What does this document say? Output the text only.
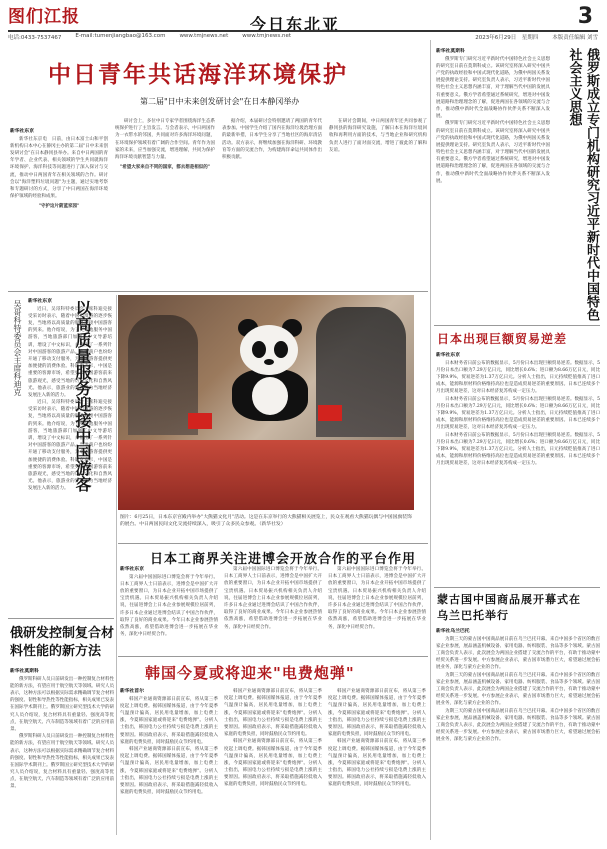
图们江报	今日东北亚	3
电话:0433-7537467	E-mail:tumenjiangbao@163.com	www.tmjnews.net	www.tmjnews.net	2023年6月29日　星期四	本版责任编辑 刘雪
中日青年共话海洋环境保护
第二届"日中未来创发研讨会"在日本静冈举办
新华社东京

新华社东京电　日前，由日本富士山和平创新机构日本中心在静冈主办的第二届"日中未来创发研讨会"在日本静冈县举办。来自中日两国的青年学者、企业代表、相关领域的学生共同就海洋环境保护、海洋科技等问题进行了深入探讨与交流，推动中日两国青年在相关领域的合作。研讨会以"海洋塑料垃圾问题"为主题，通过实地考察和专题研讨的方式，分享了中日两国在海洋环境保护领域的经验和成果。

"守护这片蔚蓝家园"

研讨会上，多位中日专家学者围绕海洋生态系统保护进行了主旨发言。与会者表示，中日两国作为一衣带水的邻国，共同面对许多海洋环境问题，在环境保护领域有着广阔的合作空间。青年作为国家的未来，应当加强交流，增进理解，共同为保护海洋环境贡献智慧与力量。

"希望大家来自不同的国家，都去想是相似的"

据介绍，本届研讨会特别邀请了两国的青年代表参加。中国学生介绍了国内在海洋垃圾治理方面的最新举措，日本学生分享了当地社区的海岸清洁活动。双方表示，将继续加强在海洋科研、环境教育等方面的交流合作，为构建海洋命运共同体作出积极贡献。

在研讨会期间，中日两国青年还共同参观了静冈县的海洋研究设施，了解日本在海洋垃圾回收和再利用方面的技术，与当地企业和研究机构负责人进行了面对面交流，增进了彼此的了解和友谊。

以高质量服务迎接中国游客
吴哥科特委员会主席科迪克 新华社东京

近日，吴哥科特委员会主席科迪克接受采访时表示，随着中国出境游的逐步恢复，当地将以高质量的服务迎接中国游客的到来。他介绍说，为了更好地服务中国游客，当地旅游部门加强了中文导游培训，增设了中文标识，并推出了一系列针对中国游客的旅游产品。当地商户也纷纷开通了移动支付服务，为中国游客提供更加便捷的消费体验。科迪克表示，中国是重要的客源市场，希望更多中国游客前来旅游观光，感受当地的历史文化和自然风光。他表示，旅游业的复苏将为当地经济发展注入新的活力。

近日，吴哥科特委员会主席科迪克接受采访时表示，随着中国出境游的逐步恢复，当地将以高质量的服务迎接中国游客的到来。他介绍说，为了更好地服务中国游客，当地旅游部门加强了中文导游培训，增设了中文标识，并推出了一系列针对中国游客的旅游产品。当地商户也纷纷开通了移动支付服务，为中国游客提供更加便捷的消费体验。科迪克表示，中国是重要的客源市场，希望更多中国游客前来旅游观光，感受当地的历史文化和自然风光。他表示，旅游业的复苏将为当地经济发展注入新的活力。

图片：6月25日，日本东京宫殿内举办"大熊猫文化月"活动。这是在东京举行的大熊猫相关展览上，民众在观看大熊猫玩偶与中国国旗装饰的展台。中日两国民间文化交流持续深入，吸引了众多民众参观。（新华社发）
日本工商界关注进博会开放合作的平台作用
新华社东京

第六届中国国际进口博览会将于今年举行。日本工商界人士日前表示，进博会是中国扩大开放的重要窗口，为日本企业开拓中国市场提供了宝贵机遇。日本贸易振兴机构相关负责人介绍说，往届进博会上日本企业参展规模位居前列，许多日本企业通过进博会结识了中国合作伙伴，取得了良好的商业成果。今年日本企业参展热情依然高涨，希望借助进博会进一步拓展在华业务，深化中日经贸合作。

第六届中国国际进口博览会将于今年举行。日本工商界人士日前表示，进博会是中国扩大开放的重要窗口，为日本企业开拓中国市场提供了宝贵机遇。日本贸易振兴机构相关负责人介绍说，往届进博会上日本企业参展规模位居前列，许多日本企业通过进博会结识了中国合作伙伴，取得了良好的商业成果。今年日本企业参展热情依然高涨，希望借助进博会进一步拓展在华业务，深化中日经贸合作。

第六届中国国际进口博览会将于今年举行。日本工商界人士日前表示，进博会是中国扩大开放的重要窗口，为日本企业开拓中国市场提供了宝贵机遇。日本贸易振兴机构相关负责人介绍说，往届进博会上日本企业参展规模位居前列，许多日本企业通过进博会结识了中国合作伙伴，取得了良好的商业成果。今年日本企业参展热情依然高涨，希望借助进博会进一步拓展在华业务，深化中日经贸合作。

韩国今夏或将迎来"电费炮弹"
新华社首尔

韩国产业通商资源部日前宣布，将从第三季度起上调电费。据韩国媒体报道，由于今年夏季气温预计偏高，居民用电量增加，加上电费上涨，今夏韩国家庭或将迎来"电费炮弹"。分析人士指出，韩国电力公社持续亏损是电费上涨的主要原因。韩国政府表示，将采取措施减轻低收入家庭的电费负担，同时鼓励民众节约用电。

韩国产业通商资源部日前宣布，将从第三季度起上调电费。据韩国媒体报道，由于今年夏季气温预计偏高，居民用电量增加，加上电费上涨，今夏韩国家庭或将迎来"电费炮弹"。分析人士指出，韩国电力公社持续亏损是电费上涨的主要原因。韩国政府表示，将采取措施减轻低收入家庭的电费负担，同时鼓励民众节约用电。

韩国产业通商资源部日前宣布，将从第三季度起上调电费。据韩国媒体报道，由于今年夏季气温预计偏高，居民用电量增加，加上电费上涨，今夏韩国家庭或将迎来"电费炮弹"。分析人士指出，韩国电力公社持续亏损是电费上涨的主要原因。韩国政府表示，将采取措施减轻低收入家庭的电费负担，同时鼓励民众节约用电。

韩国产业通商资源部日前宣布，将从第三季度起上调电费。据韩国媒体报道，由于今年夏季气温预计偏高，居民用电量增加，加上电费上涨，今夏韩国家庭或将迎来"电费炮弹"。分析人士指出，韩国电力公社持续亏损是电费上涨的主要原因。韩国政府表示，将采取措施减轻低收入家庭的电费负担，同时鼓励民众节约用电。

韩国产业通商资源部日前宣布，将从第三季度起上调电费。据韩国媒体报道，由于今年夏季气温预计偏高，居民用电量增加，加上电费上涨，今夏韩国家庭或将迎来"电费炮弹"。分析人士指出，韩国电力公社持续亏损是电费上涨的主要原因。韩国政府表示，将采取措施减轻低收入家庭的电费负担，同时鼓励民众节约用电。

韩国产业通商资源部日前宣布，将从第三季度起上调电费。据韩国媒体报道，由于今年夏季气温预计偏高，居民用电量增加，加上电费上涨，今夏韩国家庭或将迎来"电费炮弹"。分析人士指出，韩国电力公社持续亏损是电费上涨的主要原因。韩国政府表示，将采取措施减轻低收入家庭的电费负担，同时鼓励民众节约用电。

俄研发控制复合材料性能的新方法
新华社莫斯科

俄罗斯科研人员日前研发出一种控制复合材料性能的新方法，有望应用于航空航天等领域。研究人员表示，这种方法可以根据实际需求精确调节复合材料的强度、韧性和导热性等性能指标，相关成果已发表在国际学术期刊上。俄罗斯国立研究型技术大学的研究人员介绍说，复合材料具有重量轻、强度高等优点，在航空航天、汽车制造等领域有着广泛的应用前景。

俄罗斯科研人员日前研发出一种控制复合材料性能的新方法，有望应用于航空航天等领域。研究人员表示，这种方法可以根据实际需求精确调节复合材料的强度、韧性和导热性等性能指标，相关成果已发表在国际学术期刊上。俄罗斯国立研究型技术大学的研究人员介绍说，复合材料具有重量轻、强度高等优点，在航空航天、汽车制造等领域有着广泛的应用前景。

俄罗斯成立专门机构研究习近平新时代中国特色社会主义思想
新华社莫斯科

俄罗斯专门研究习近平新时代中国特色社会主义思想的研究室日前在莫斯科成立。该研究室将深入研究中国共产党的执政经验和中国式现代化道路，为俄中两国关系发展提供理论支持。研究室负责人表示，习近平新时代中国特色社会主义思想内涵丰富，对于理解当代中国的发展具有重要意义。俄方学者希望通过系统研究，增进对中国发展道路和治理理念的了解，促进两国在各领域的交流与合作，推动俄中新时代全面战略协作伙伴关系不断深入发展。

俄罗斯专门研究习近平新时代中国特色社会主义思想的研究室日前在莫斯科成立。该研究室将深入研究中国共产党的执政经验和中国式现代化道路，为俄中两国关系发展提供理论支持。研究室负责人表示，习近平新时代中国特色社会主义思想内涵丰富，对于理解当代中国的发展具有重要意义。俄方学者希望通过系统研究，增进对中国发展道路和治理理念的了解，促进两国在各领域的交流与合作，推动俄中新时代全面战略协作伙伴关系不断深入发展。

日本出现巨额贸易逆差
新华社东京

日本财务省日前公布的数据显示，5月份日本出现巨额贸易逆差。数据显示，5月份日本出口额为7.29万亿日元，同比增长0.6%；进口额为8.66万亿日元，同比下降9.9%，贸易逆差为1.37万亿日元。分析人士指出，日元持续贬值推高了进口成本，能源和原材料价格维持高位也是造成贸易逆差的重要原因。日本已连续多个月出现贸易逆差，这对日本经济复苏构成一定压力。

日本财务省日前公布的数据显示，5月份日本出现巨额贸易逆差。数据显示，5月份日本出口额为7.29万亿日元，同比增长0.6%；进口额为8.66万亿日元，同比下降9.9%，贸易逆差为1.37万亿日元。分析人士指出，日元持续贬值推高了进口成本，能源和原材料价格维持高位也是造成贸易逆差的重要原因。日本已连续多个月出现贸易逆差，这对日本经济复苏构成一定压力。

日本财务省日前公布的数据显示，5月份日本出现巨额贸易逆差。数据显示，5月份日本出口额为7.29万亿日元，同比增长0.6%；进口额为8.66万亿日元，同比下降9.9%，贸易逆差为1.37万亿日元。分析人士指出，日元持续贬值推高了进口成本，能源和原材料价格维持高位也是造成贸易逆差的重要原因。日本已连续多个月出现贸易逆差，这对日本经济复苏构成一定压力。

蒙古国中国商品展开幕式在乌兰巴托举行
新华社乌兰巴托

为期三天的蒙古国中国商品展日前在乌兰巴托开幕。来自中国多个省区的数百家企业参展，展品涵盖机械设备、家用电器、纺织服装、食品等多个领域。蒙古国工商会负责人表示，此次展会为两国企业搭建了交流合作的平台，有助于推动蒙中经贸关系进一步发展。中方参展企业表示，蒙古国市场潜力巨大，希望通过展会拓展业务，深化与蒙方企业的合作。

为期三天的蒙古国中国商品展日前在乌兰巴托开幕。来自中国多个省区的数百家企业参展，展品涵盖机械设备、家用电器、纺织服装、食品等多个领域。蒙古国工商会负责人表示，此次展会为两国企业搭建了交流合作的平台，有助于推动蒙中经贸关系进一步发展。中方参展企业表示，蒙古国市场潜力巨大，希望通过展会拓展业务，深化与蒙方企业的合作。

为期三天的蒙古国中国商品展日前在乌兰巴托开幕。来自中国多个省区的数百家企业参展，展品涵盖机械设备、家用电器、纺织服装、食品等多个领域。蒙古国工商会负责人表示，此次展会为两国企业搭建了交流合作的平台，有助于推动蒙中经贸关系进一步发展。中方参展企业表示，蒙古国市场潜力巨大，希望通过展会拓展业务，深化与蒙方企业的合作。
